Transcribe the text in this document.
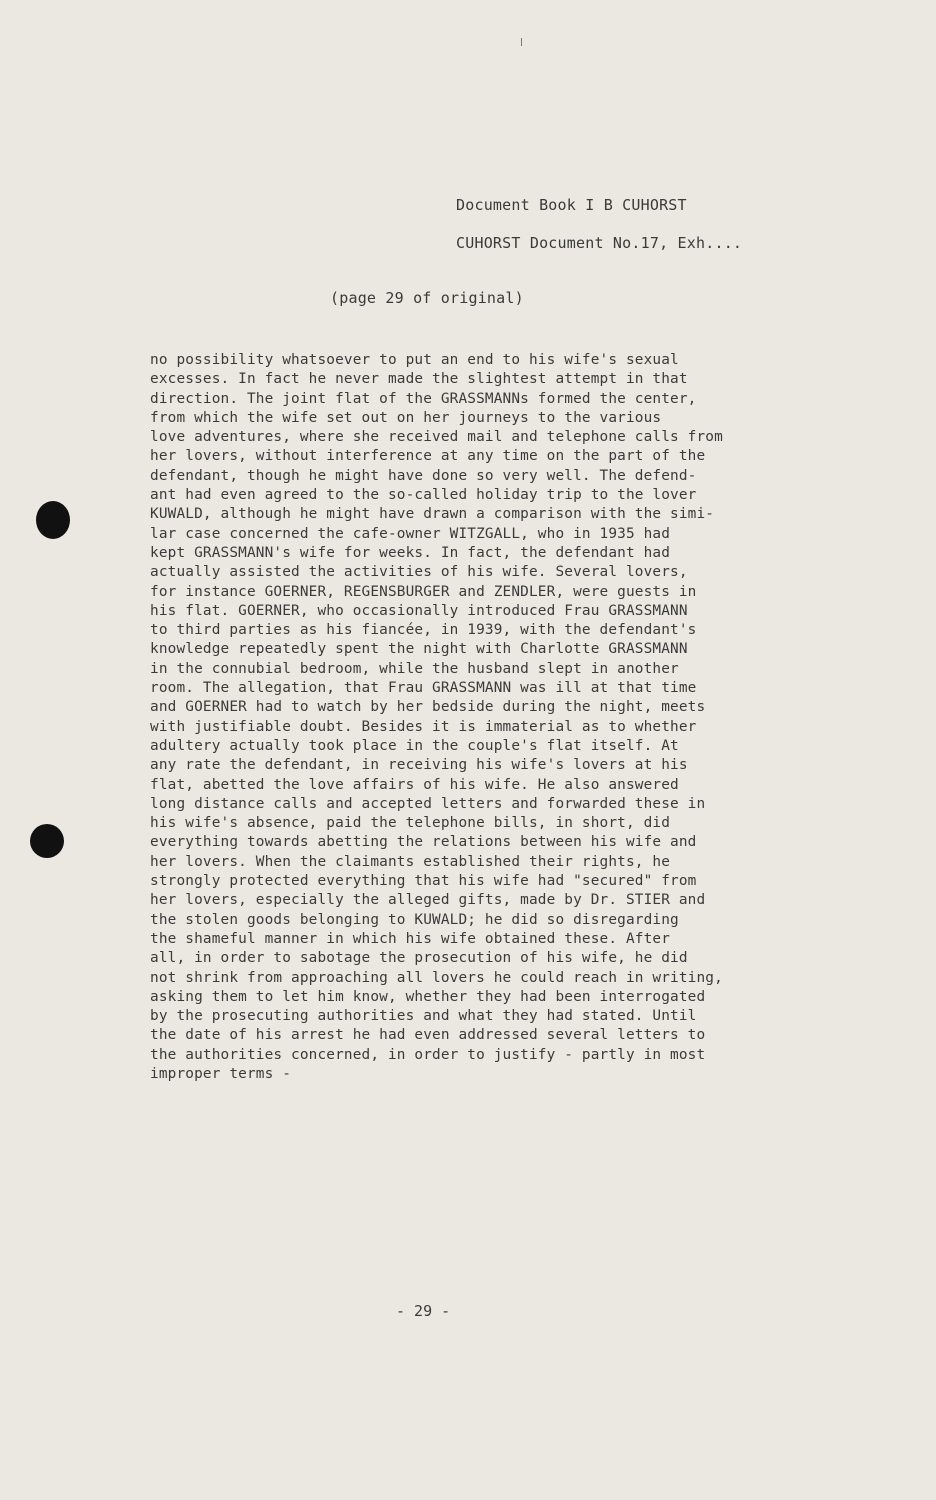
Document Book I B CUHORST
CUHORST Document No.17, Exh....
(page 29 of original)
no possibility whatsoever to put an end to his wife's sexual
excesses. In fact he never made the slightest attempt in that
direction. The joint flat of the GRASSMANNs formed the center,
from which the wife set out on her journeys to the various
love adventures, where she received mail and telephone calls from
her lovers, without interference at any time on the part of the
defendant, though he might have done so very well. The defend-
ant had even agreed to the so-called holiday trip to the lover
KUWALD, although he might have drawn a comparison with the simi-
lar case concerned the cafe-owner WITZGALL, who in 1935 had
kept GRASSMANN's wife for weeks. In fact, the defendant had
actually assisted the activities of his wife. Several lovers,
for instance GOERNER, REGENSBURGER and ZENDLER, were guests in
his flat. GOERNER, who occasionally introduced Frau GRASSMANN
to third parties as his fiancée, in 1939, with the defendant's
knowledge repeatedly spent the night with Charlotte GRASSMANN
in the connubial bedroom, while the husband slept in another
room. The allegation, that Frau GRASSMANN was ill at that time
and GOERNER had to watch by her bedside during the night, meets
with justifiable doubt. Besides it is immaterial as to whether
adultery actually took place in the couple's flat itself. At
any rate the defendant, in receiving his wife's lovers at his
flat, abetted the love affairs of his wife. He also answered
long distance calls and accepted letters and forwarded these in
his wife's absence, paid the telephone bills, in short, did
everything towards abetting the relations between his wife and
her lovers. When the claimants established their rights, he
strongly protected everything that his wife had "secured" from
her lovers, especially the alleged gifts, made by Dr. STIER and
the stolen goods belonging to KUWALD; he did so disregarding
the shameful manner in which his wife obtained these. After
all, in order to sabotage the prosecution of his wife, he did
not shrink from approaching all lovers he could reach in writing,
asking them to let him know, whether they had been interrogated
by the prosecuting authorities and what they had stated. Until
the date of his arrest he had even addressed several letters to
the authorities concerned, in order to justify - partly in most
improper terms -
- 29 -
